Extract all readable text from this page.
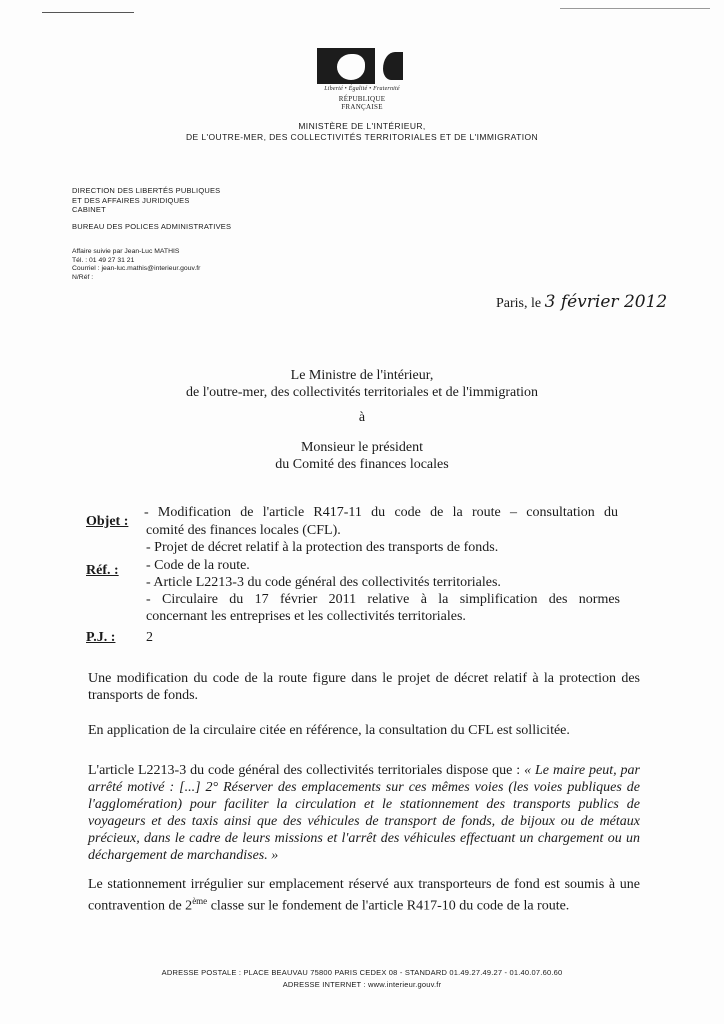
Liberté • Égalité • Fraternité
RÉPUBLIQUE FRANÇAISE
MINISTÈRE DE L'INTÉRIEUR,
DE L'OUTRE-MER, DES COLLECTIVITÉS TERRITORIALES ET DE L'IMMIGRATION
DIRECTION DES LIBERTÉS PUBLIQUES
ET DES AFFAIRES JURIDIQUES
CABINET
BUREAU DES POLICES ADMINISTRATIVES
Affaire suivie par Jean-Luc MATHIS
Tél. : 01 49 27 31 21
Courriel : jean-luc.mathis@interieur.gouv.fr
N/Réf :
Paris, le 3 février 2012
Le Ministre de l'intérieur,
de l'outre-mer, des collectivités territoriales et de l'immigration
à
Monsieur le président
du Comité des finances locales
Objet :
- Modification de l'article R417-11 du code de la route – consultation du
comité des finances locales (CFL).
- Projet de décret relatif à la protection des transports de fonds.
Réf. : - Code de la route.
- Article L2213-3 du code général des collectivités territoriales.
- Circulaire du 17 février 2011 relative à la simplification des normes
concernant les entreprises et les collectivités territoriales.
P.J. : 2
Une modification du code de la route figure dans le projet de décret relatif à la protection des transports de fonds.
En application de la circulaire citée en référence, la consultation du CFL est sollicitée.
L'article L2213-3 du code général des collectivités territoriales dispose que : « Le maire peut, par arrêté motivé : [...] 2° Réserver des emplacements sur ces mêmes voies (les voies publiques de l'agglomération) pour faciliter la circulation et le stationnement des transports publics de voyageurs et des taxis ainsi que des véhicules de transport de fonds, de bijoux ou de métaux précieux, dans le cadre de leurs missions et l'arrêt des véhicules effectuant un chargement ou un déchargement de marchandises. »
Le stationnement irrégulier sur emplacement réservé aux transporteurs de fond est soumis à une contravention de 2ème classe sur le fondement de l'article R417-10 du code de la route.
ADRESSE POSTALE : PLACE BEAUVAU 75800 PARIS CEDEX 08 - STANDARD 01.49.27.49.27 - 01.40.07.60.60
ADRESSE INTERNET : www.interieur.gouv.fr
